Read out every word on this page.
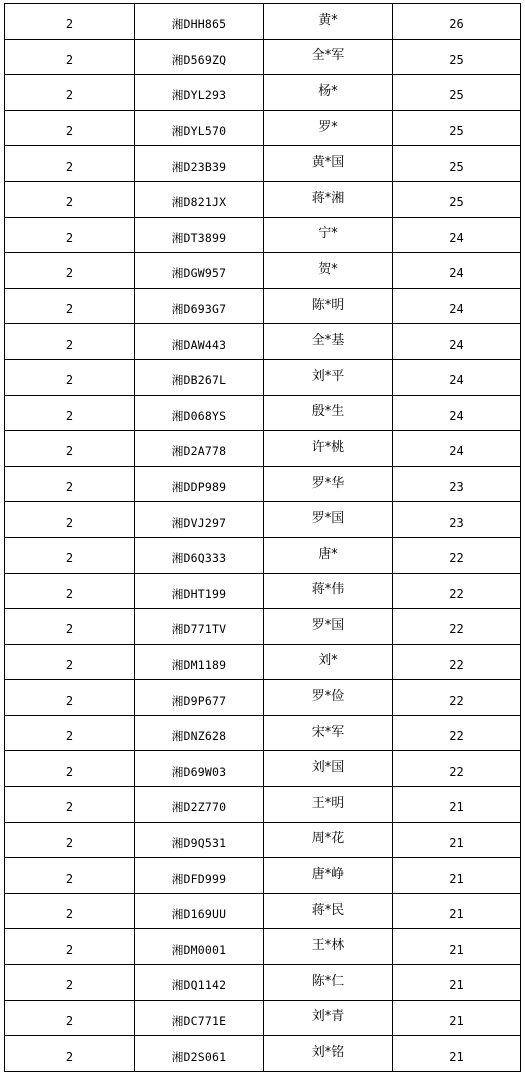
2	湘DHH865	黄*	26
2	湘D569ZQ	全*军	25
2	湘DYL293	杨*	25
2	湘DYL570	罗*	25
2	湘D23B39	黄*国	25
2	湘D821JX	蒋*湘	25
2	湘DT3899	宁*	24
2	湘DGW957	贺*	24
2	湘D693G7	陈*明	24
2	湘DAW443	全*基	24
2	湘DB267L	刘*平	24
2	湘D068YS	殷*生	24
2	湘D2A778	许*桃	24
2	湘DDP989	罗*华	23
2	湘DVJ297	罗*国	23
2	湘D6Q333	唐*	22
2	湘DHT199	蒋*伟	22
2	湘D771TV	罗*国	22
2	湘DM1189	刘*	22
2	湘D9P677	罗*俭	22
2	湘DNZ628	宋*军	22
2	湘D69W03	刘*国	22
2	湘D2Z770	王*明	21
2	湘D9Q531	周*花	21
2	湘DFD999	唐*峥	21
2	湘D169UU	蒋*民	21
2	湘DM0001	王*林	21
2	湘DQ1142	陈*仁	21
2	湘DC771E	刘*青	21
2	湘D2S061	刘*铭	21
